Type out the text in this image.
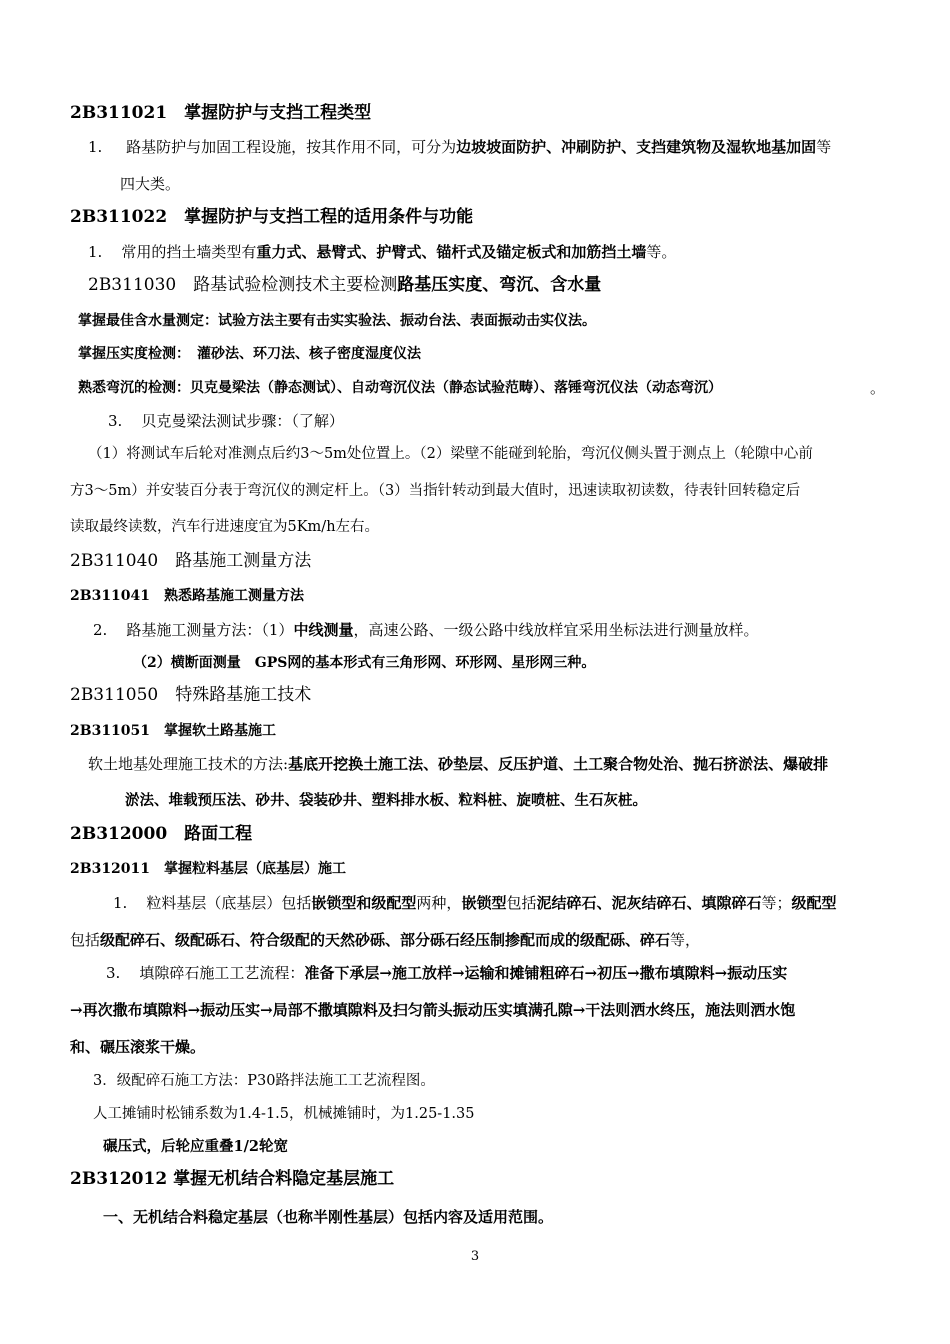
2B311021　掌握防护与支挡工程类型
1. 路基防护与加固工程设施，按其作用不同，可分为边坡坡面防护、冲刷防护、支挡建筑物及湿软地基加固等
四大类。
2B311022　掌握防护与支挡工程的适用条件与功能
1. 常用的挡土墙类型有重力式、悬臂式、护臂式、锚杆式及锚定板式和加筋挡土墙等。
2B311030　路基试验检测技术主要检测路基压实度、弯沉、含水量
掌握最佳含水量测定：试验方法主要有击实实验法、振动台法、表面振动击实仪法。
掌握压实度检测：　灌砂法、环刀法、核子密度湿度仪法
熟悉弯沉的检测：贝克曼梁法（静态测试）、自动弯沉仪法（静态试验范畴）、落锤弯沉仪法（动态弯沉）	。
3. 贝克曼梁法测试步骤：（了解）
（1）将测试车后轮对准测点后约3～5m处位置上。（2）梁壁不能碰到轮胎，弯沉仪侧头置于测点上（轮隙中心前
方3～5m）并安装百分表于弯沉仪的测定杆上。（3）当指针转动到最大值时，迅速读取初读数，待表针回转稳定后
读取最终读数，汽车行进速度宜为5Km/h左右。
2B311040　路基施工测量方法
2B311041　熟悉路基施工测量方法
2. 路基施工测量方法：（1）中线测量，高速公路、一级公路中线放样宜采用坐标法进行测量放样。
（2）横断面测量　GPS网的基本形式有三角形网、环形网、星形网三种。
2B311050　特殊路基施工技术
2B311051　掌握软土路基施工
软土地基处理施工技术的方法:基底开挖换土施工法、砂垫层、反压护道、土工聚合物处治、抛石挤淤法、爆破排
淤法、堆载预压法、砂井、袋装砂井、塑料排水板、粒料桩、旋喷桩、生石灰桩。
2B312000　路面工程
2B312011　掌握粒料基层（底基层）施工
1. 粒料基层（底基层）包括嵌锁型和级配型两种，嵌锁型包括泥结碎石、泥灰结碎石、填隙碎石等；级配型
包括级配碎石、级配砾石、符合级配的天然砂砾、部分砾石经压制掺配而成的级配砾、碎石等，
3. 填隙碎石施工工艺流程：准备下承层→施工放样→运输和摊铺粗碎石→初压→撒布填隙料→振动压实
→再次撒布填隙料→振动压实→局部不撒填隙料及扫匀箭头振动压实填满孔隙→干法则洒水终压，施法则洒水饱
和、碾压滚浆干燥。
3．级配碎石施工方法：P30路拌法施工工艺流程图。
人工摊铺时松铺系数为1.4-1.5，机械摊铺时，为1.25-1.35
碾压式，后轮应重叠1/2轮宽
2B312012 掌握无机结合料隐定基层施工
一、无机结合料稳定基层（也称半刚性基层）包括内容及适用范围。
3
